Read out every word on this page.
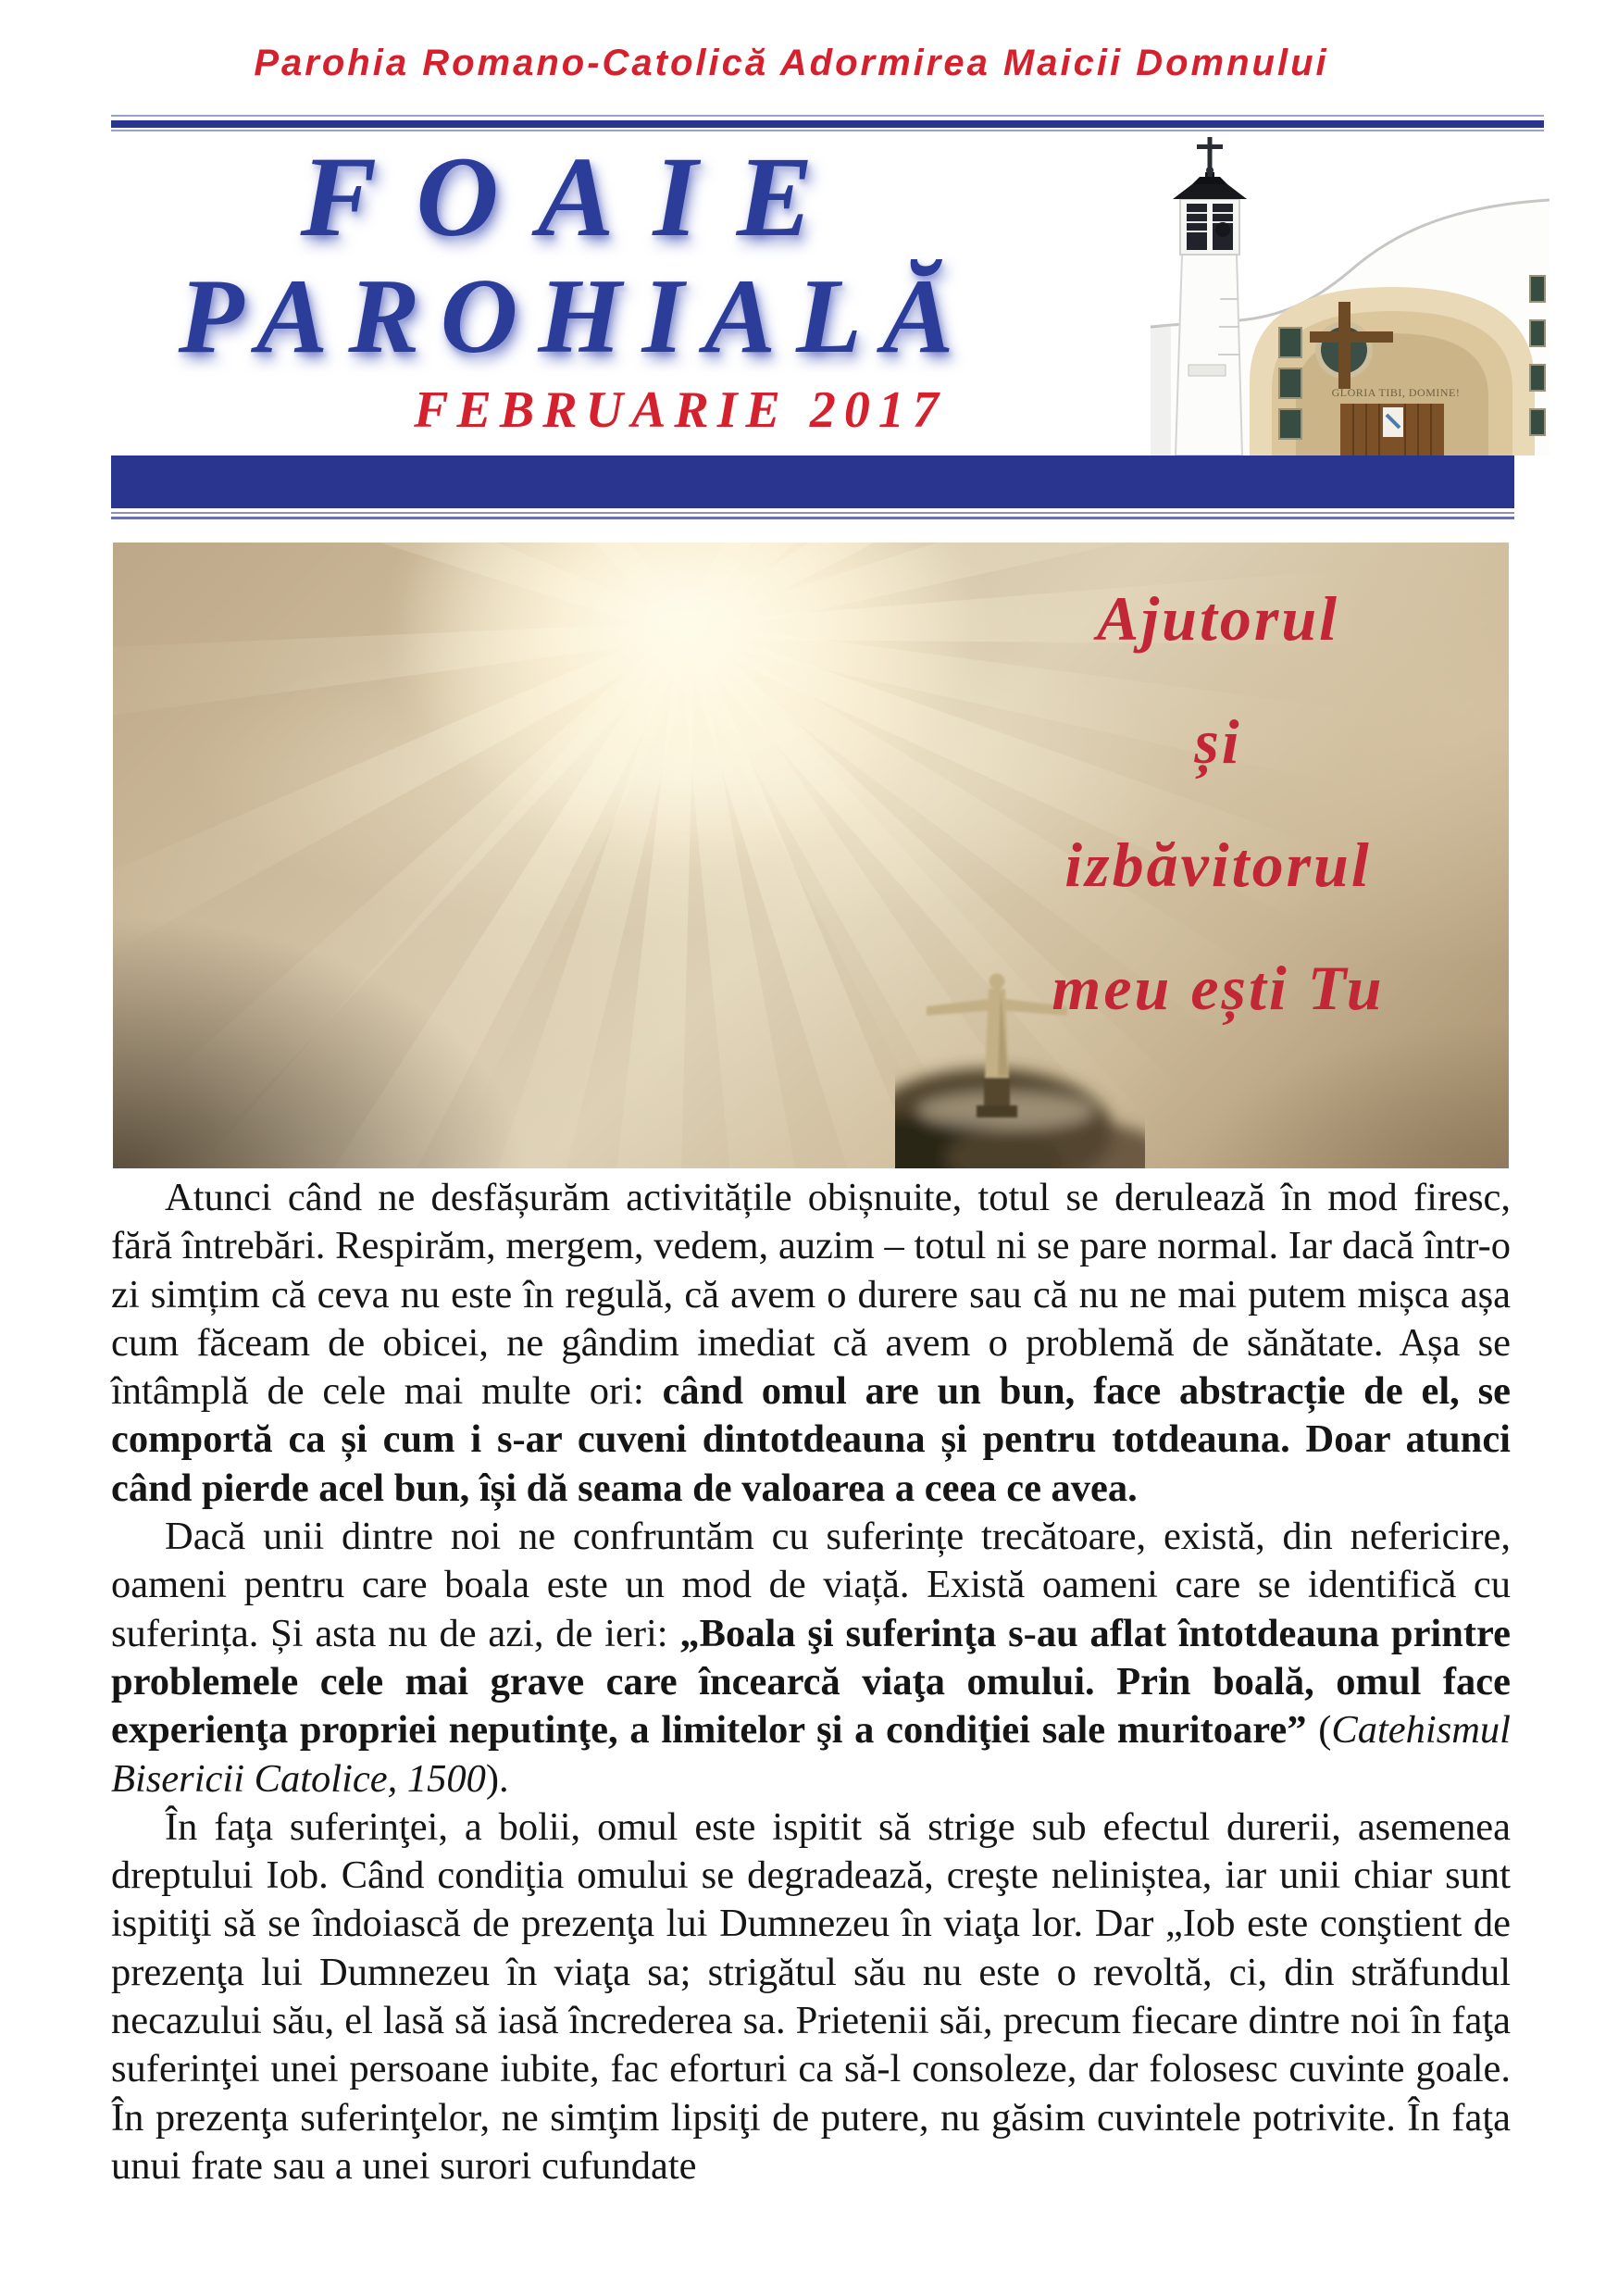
Parohia Romano-Catolică Adormirea Maicii Domnului
FOAIE
PAROHIALĂ
FEBRUARIE 2017	GLORIA TIBI, DOMINE!
Ajutorul
și
izbăvitorul
meu ești Tu

Atunci când ne desfășurăm activitățile obișnuite, totul se derulează în mod firesc, fără întrebări. Respirăm, mergem, vedem, auzim – totul ni se pare normal. Iar dacă într-o zi simțim că ceva nu este în regulă, că avem o durere sau că nu ne mai putem mișca așa cum făceam de obicei, ne gândim imediat că avem o problemă de sănătate. Așa se întâmplă de cele mai multe ori: când omul are un bun, face abstracție de el, se comportă ca și cum i s-ar cuveni dintotdeauna și pentru totdeauna. Doar atunci când pierde acel bun, își dă seama de valoarea a ceea ce avea.

Dacă unii dintre noi ne confruntăm cu suferințe trecătoare, există, din nefericire, oameni pentru care boala este un mod de viață. Există oameni care se identifică cu suferința. Și asta nu de azi, de ieri: „Boala şi suferinţa s-au aflat întotdeauna printre problemele cele mai grave care încearcă viaţa omului. Prin boală, omul face experienţa propriei neputinţe, a limitelor şi a condiţiei sale muritoare” (Catehismul Bisericii Catolice, 1500).

În faţa suferinţei, a bolii, omul este ispitit să strige sub efectul durerii, asemenea dreptului Iob. Când condiţia omului se degradează, creşte neliniștea, iar unii chiar sunt ispitiţi să se îndoiască de prezenţa lui Dumnezeu în viaţa lor. Dar „Iob este conştient de prezenţa lui Dumnezeu în viaţa sa; strigătul său nu este o revoltă, ci, din străfundul necazului său, el lasă să iasă încrederea sa. Prietenii săi, precum fiecare dintre noi în faţa suferinţei unei persoane iubite, fac eforturi ca să-l consoleze, dar folosesc cuvinte goale. În prezenţa suferinţelor, ne simţim lipsiţi de putere, nu găsim cuvintele potrivite. În faţa unui frate sau a unei surori cufundate
